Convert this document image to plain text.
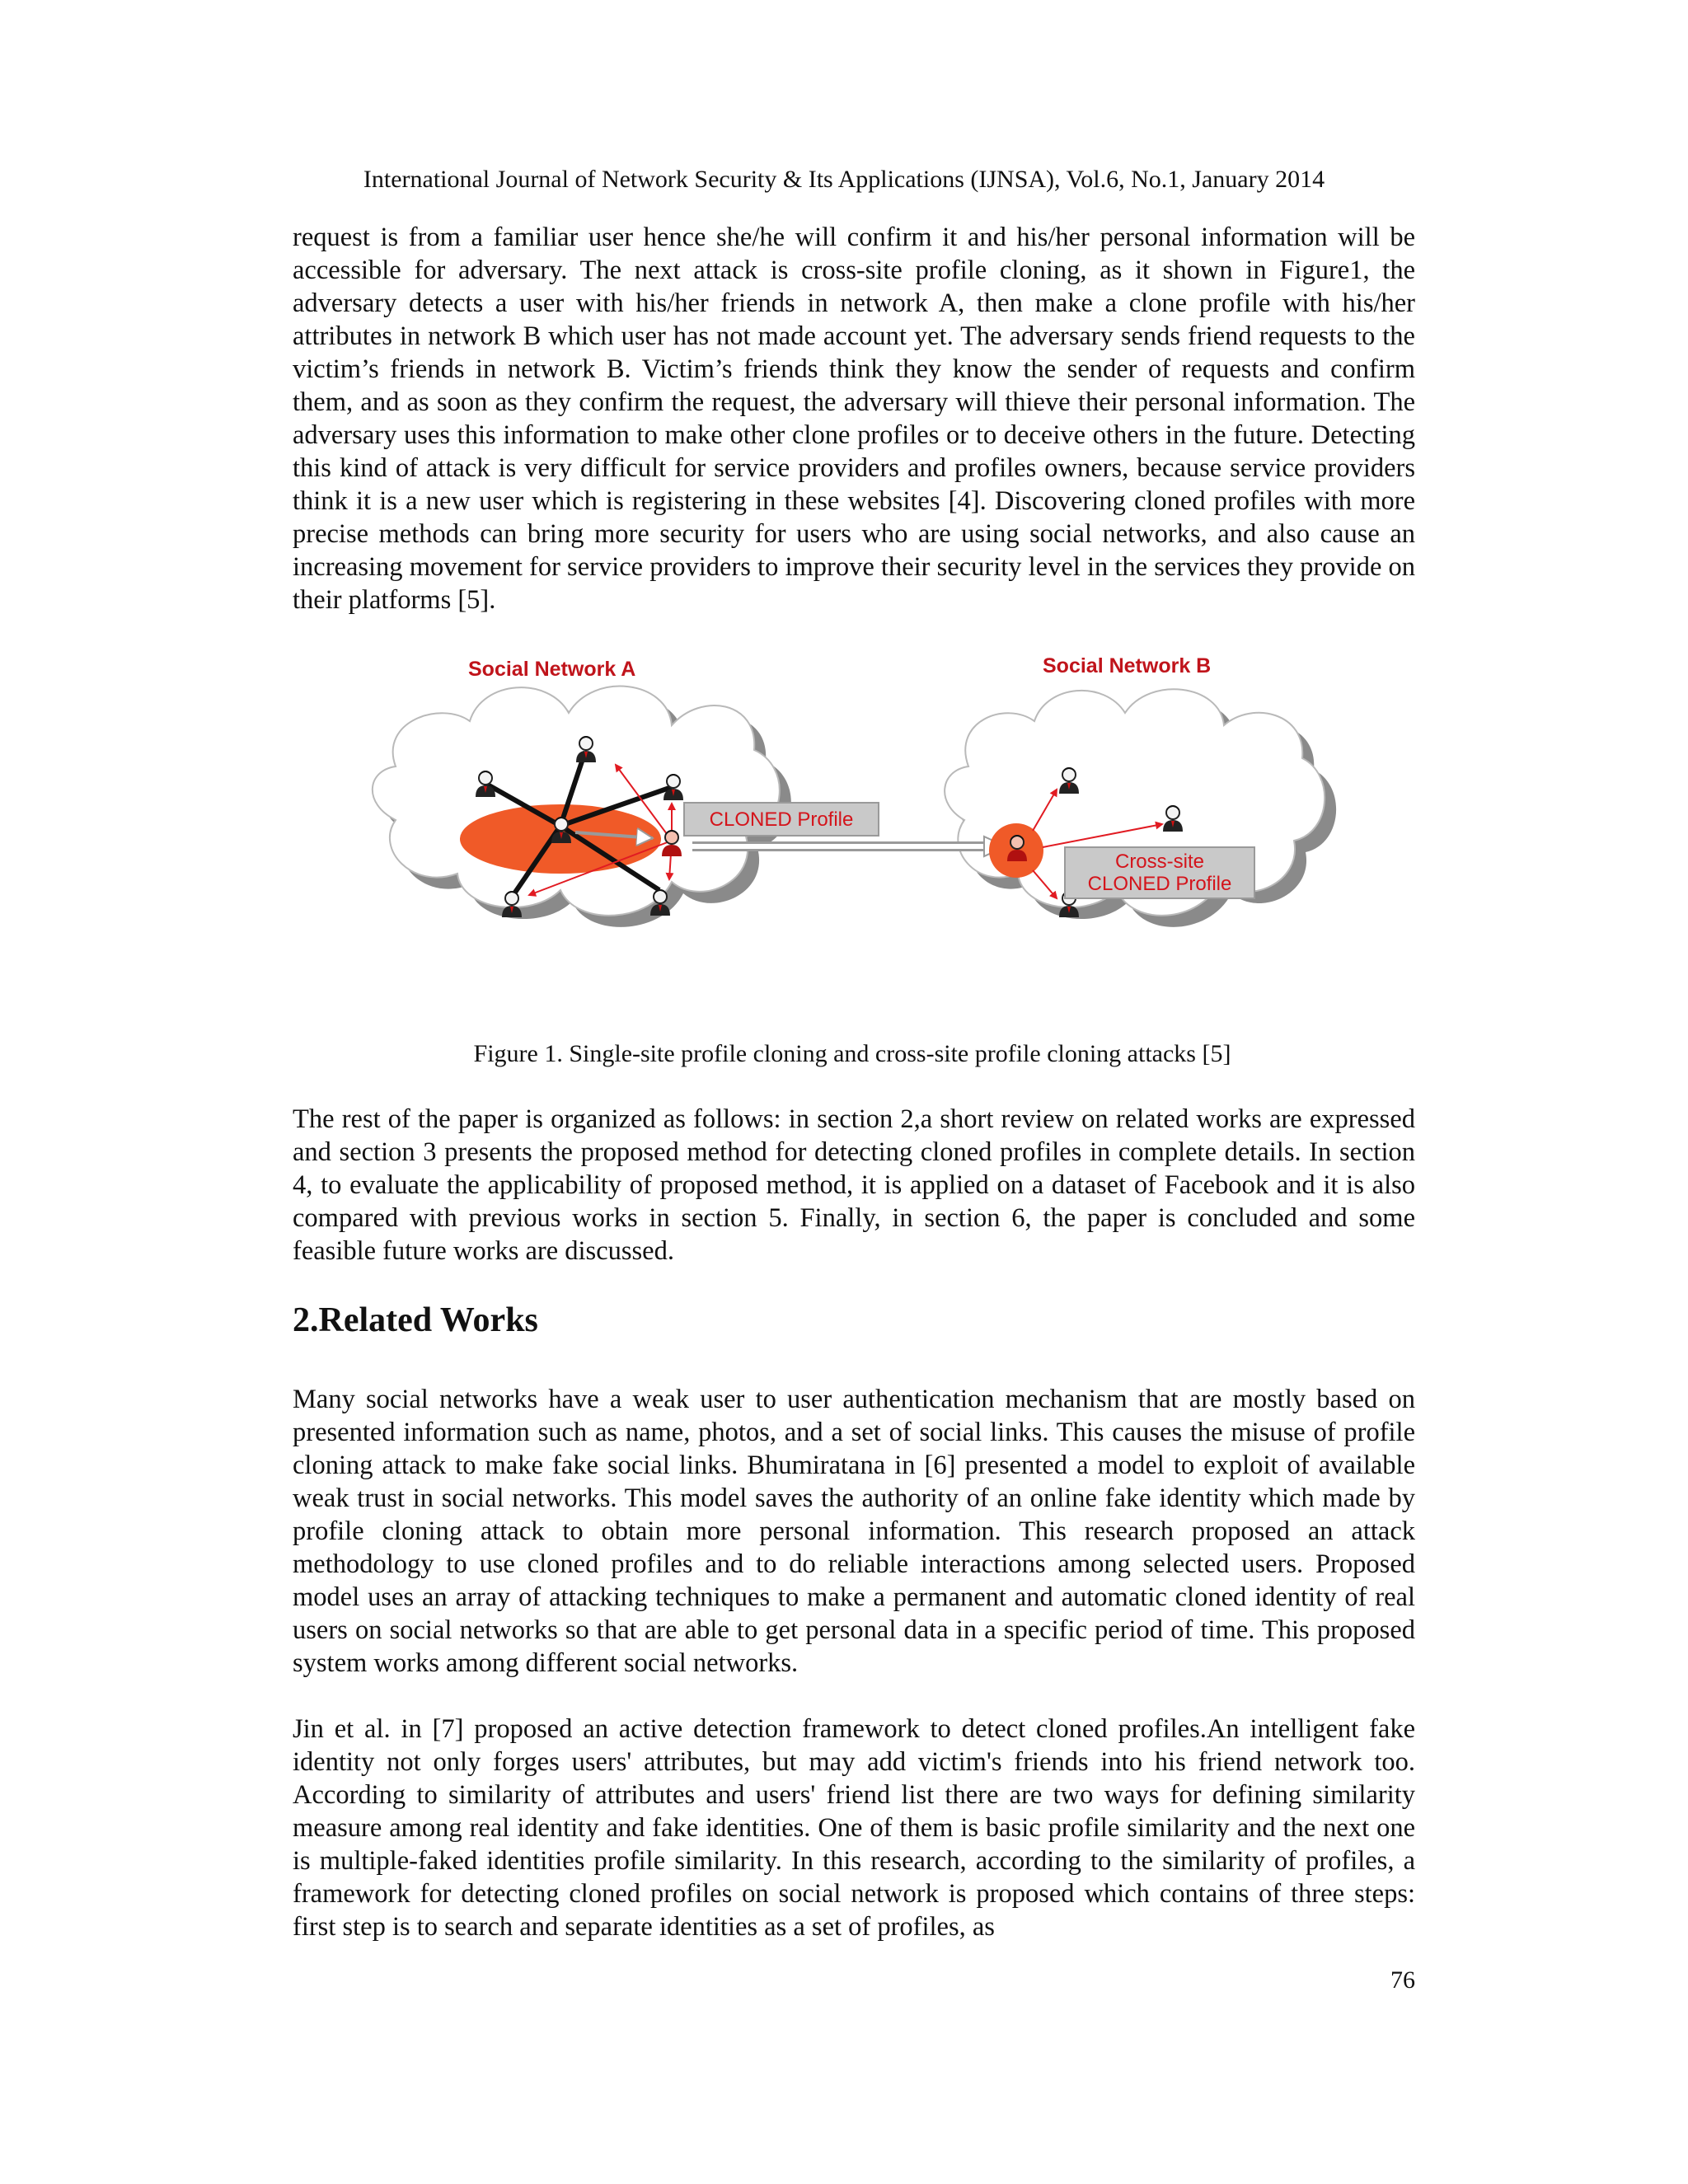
International Journal of Network Security & Its Applications (IJNSA), Vol.6, No.1, January 2014

request is from a familiar user hence she/he will confirm it and his/her personal information will be accessible for adversary. The next attack is cross-site profile cloning, as it shown in Figure1, the adversary detects a user with his/her friends in network A, then make a clone profile with his/her attributes in network B which user has not made account yet. The adversary sends friend requests to the victim’s friends in network B. Victim’s friends think they know the sender of requests and confirm them, and as soon as they confirm the request, the adversary will thieve their personal information. The adversary uses this information to make other clone profiles or to deceive others in the future. Detecting this kind of attack is very difficult for service providers and profiles owners, because service providers think it is a new user which is registering in these websites [4]. Discovering cloned profiles with more precise methods can bring more security for users who are using social networks, and also cause an increasing movement for service providers to improve their security level in the services they provide on their platforms [5].

Social Network A	Social Network B
CLONED Profile
Cross-site
CLONED Profile
Figure 1. Single-site profile cloning and cross-site profile cloning attacks [5]

The rest of the paper is organized as follows: in section 2,a short review on related works are expressed and section 3 presents the proposed method for detecting cloned profiles in complete details. In section 4, to evaluate the applicability of proposed method, it is applied on a dataset of Facebook and it is also compared with previous works in section 5. Finally, in section 6, the paper is concluded and some feasible future works are discussed.

2.Related Works

Many social networks have a weak user to user authentication mechanism that are mostly based on presented information such as name, photos, and a set of social links. This causes the misuse of profile cloning attack to make fake social links. Bhumiratana in [6] presented a model to exploit of available weak trust in social networks. This model saves the authority of an online fake identity which made by profile cloning attack to obtain more personal information. This research proposed an attack methodology to use cloned profiles and to do reliable interactions among selected users. Proposed model uses an array of attacking techniques to make a permanent and automatic cloned identity of real users on social networks so that are able to get personal data in a specific period of time. This proposed system works among different social networks.

Jin et al. in [7] proposed an active detection framework to detect cloned profiles.An intelligent fake identity not only forges users' attributes, but may add victim's friends into his friend network too. According to similarity of attributes and users' friend list there are two ways for defining similarity measure among real identity and fake identities. One of them is basic profile similarity and the next one is multiple-faked identities profile similarity. In this research, according to the similarity of profiles, a framework for detecting cloned profiles on social network is proposed which contains of three steps: first step is to search and separate identities as a set of profiles, as

76
